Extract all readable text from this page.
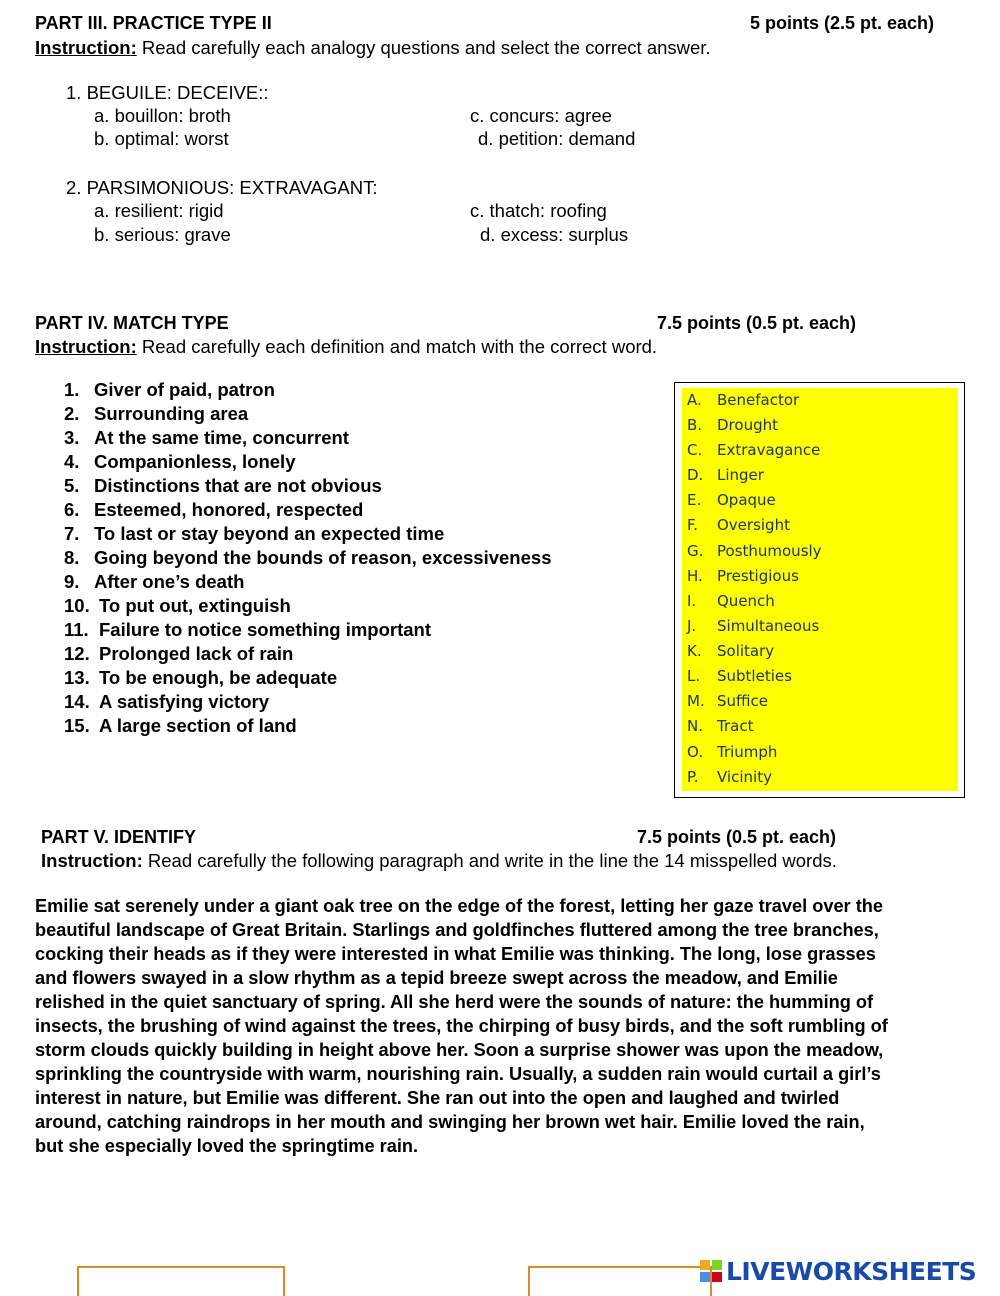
PART III. PRACTICE TYPE II	5 points (2.5 pt. each)
Instruction: Read carefully each analogy questions and select the correct answer.
1. BEGUILE: DECEIVE::
a. bouillon: broth	c. concurs: agree
b. optimal: worst	d. petition: demand
2. PARSIMONIOUS: EXTRAVAGANT:
a. resilient: rigid	c. thatch: roofing
b. serious: grave	d. excess: surplus
PART IV. MATCH TYPE	7.5 points (0.5 pt. each)
Instruction: Read carefully each definition and match with the correct word.
1. Giver of paid, patron
2. Surrounding area
3. At the same time, concurrent
4. Companionless, lonely
5. Distinctions that are not obvious
6. Esteemed, honored, respected
7. To last or stay beyond an expected time
8. Going beyond the bounds of reason, excessiveness
9. After one’s death
10. To put out, extinguish
11. Failure to notice something important
12. Prolonged lack of rain
13. To be enough, be adequate
14. A satisfying victory
15. A large section of land
A. Benefactor
B. Drought
C. Extravagance
D. Linger
E. Opaque
F. Oversight
G. Posthumously
H. Prestigious
I. Quench
J. Simultaneous
K. Solitary
L. Subtleties
M. Suffice
N. Tract
O. Triumph
P. Vicinity
PART V. IDENTIFY	7.5 points (0.5 pt. each)
Instruction: Read carefully the following paragraph and write in the line the 14 misspelled words.
Emilie sat serenely under a giant oak tree on the edge of the forest, letting her gaze travel over the
beautiful landscape of Great Britain. Starlings and goldfinches fluttered among the tree branches,
cocking their heads as if they were interested in what Emilie was thinking. The long, lose grasses
and flowers swayed in a slow rhythm as a tepid breeze swept across the meadow, and Emilie
relished in the quiet sanctuary of spring. All she herd were the sounds of nature: the humming of
insects, the brushing of wind against the trees, the chirping of busy birds, and the soft rumbling of
storm clouds quickly building in height above her. Soon a surprise shower was upon the meadow,
sprinkling the countryside with warm, nourishing rain. Usually, a sudden rain would curtail a girl’s
interest in nature, but Emilie was different. She ran out into the open and laughed and twirled
around, catching raindrops in her mouth and swinging her brown wet hair. Emilie loved the rain,
but she especially loved the springtime rain.
LIVEWORKSHEETS
